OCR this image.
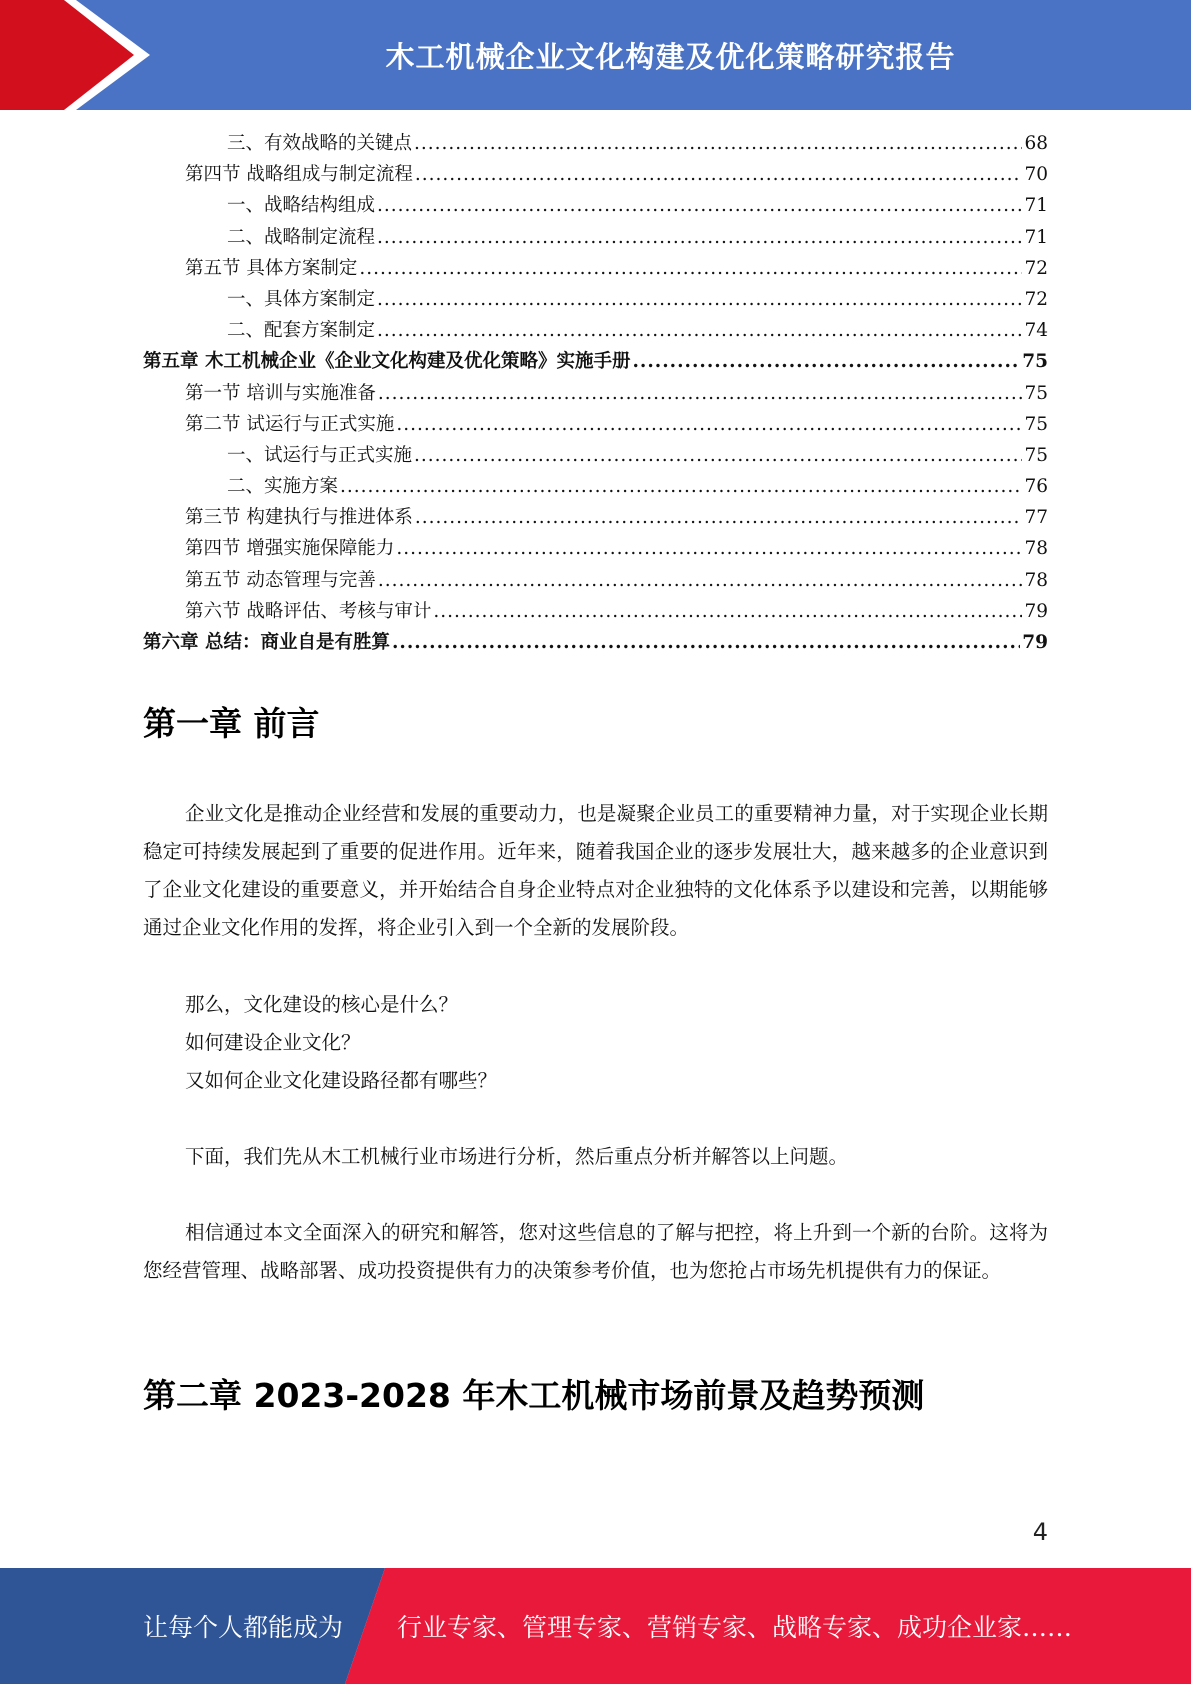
木工机械企业文化构建及优化策略研究报告
三、有效战略的关键点 .....	68
第四节 战略组成与制定流程 .....	70
一、战略结构组成 .....	71
二、战略制定流程 .....	71
第五节 具体方案制定 .....	72
一、具体方案制定 .....	72
二、配套方案制定 .....	74
第五章 木工机械企业《企业文化构建及优化策略》实施手册 .....	75
第一节 培训与实施准备 .....	75
第二节 试运行与正式实施 .....	75
一、试运行与正式实施 .....	75
二、实施方案 .....	76
第三节 构建执行与推进体系 .....	77
第四节 增强实施保障能力 .....	78
第五节 动态管理与完善 .....	78
第六节 战略评估、考核与审计 .....	79
第六章 总结：商业自是有胜算 .....	79
第一章 前言

企业文化是推动企业经营和发展的重要动力，也是凝聚企业员工的重要精神力量，对于实现企业长期稳定可持续发展起到了重要的促进作用。近年来，随着我国企业的逐步发展壮大，越来越多的企业意识到了企业文化建设的重要意义，并开始结合自身企业特点对企业独特的文化体系予以建设和完善，以期能够通过企业文化作用的发挥，将企业引入到一个全新的发展阶段。

那么，文化建设的核心是什么？

如何建设企业文化？

又如何企业文化建设路径都有哪些？

下面，我们先从木工机械行业市场进行分析，然后重点分析并解答以上问题。

相信通过本文全面深入的研究和解答，您对这些信息的了解与把控，将上升到一个新的台阶。这将为您经营管理、战略部署、成功投资提供有力的决策参考价值，也为您抢占市场先机提供有力的保证。

第二章 2023-2028 年木工机械市场前景及趋势预测
4
让每个人都能成为 行业专家、管理专家、营销专家、战略专家、成功企业家……
